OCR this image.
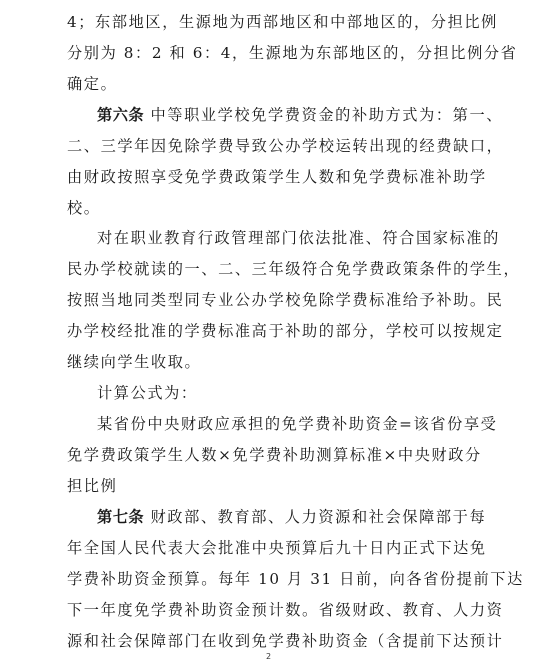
4；东部地区，生源地为西部地区和中部地区的，分担比例
分别为 8：2 和 6：4，生源地为东部地区的，分担比例分省
确定。
第六条 中等职业学校免学费资金的补助方式为：第一、
二、三学年因免除学费导致公办学校运转出现的经费缺口，
由财政按照享受免学费政策学生人数和免学费标准补助学
校。
对在职业教育行政管理部门依法批准、符合国家标准的
民办学校就读的一、二、三年级符合免学费政策条件的学生，
按照当地同类型同专业公办学校免除学费标准给予补助。民
办学校经批准的学费标准高于补助的部分，学校可以按规定
继续向学生收取。
计算公式为：
某省份中央财政应承担的免学费补助资金=该省份享受
免学费政策学生人数×免学费补助测算标准×中央财政分
担比例
第七条 财政部、教育部、人力资源和社会保障部于每
年全国人民代表大会批准中央预算后九十日内正式下达免
学费补助资金预算。每年 10 月 31 日前，向各省份提前下达
下一年度免学费补助资金预计数。省级财政、教育、人力资
源和社会保障部门在收到免学费补助资金（含提前下达预计
2
